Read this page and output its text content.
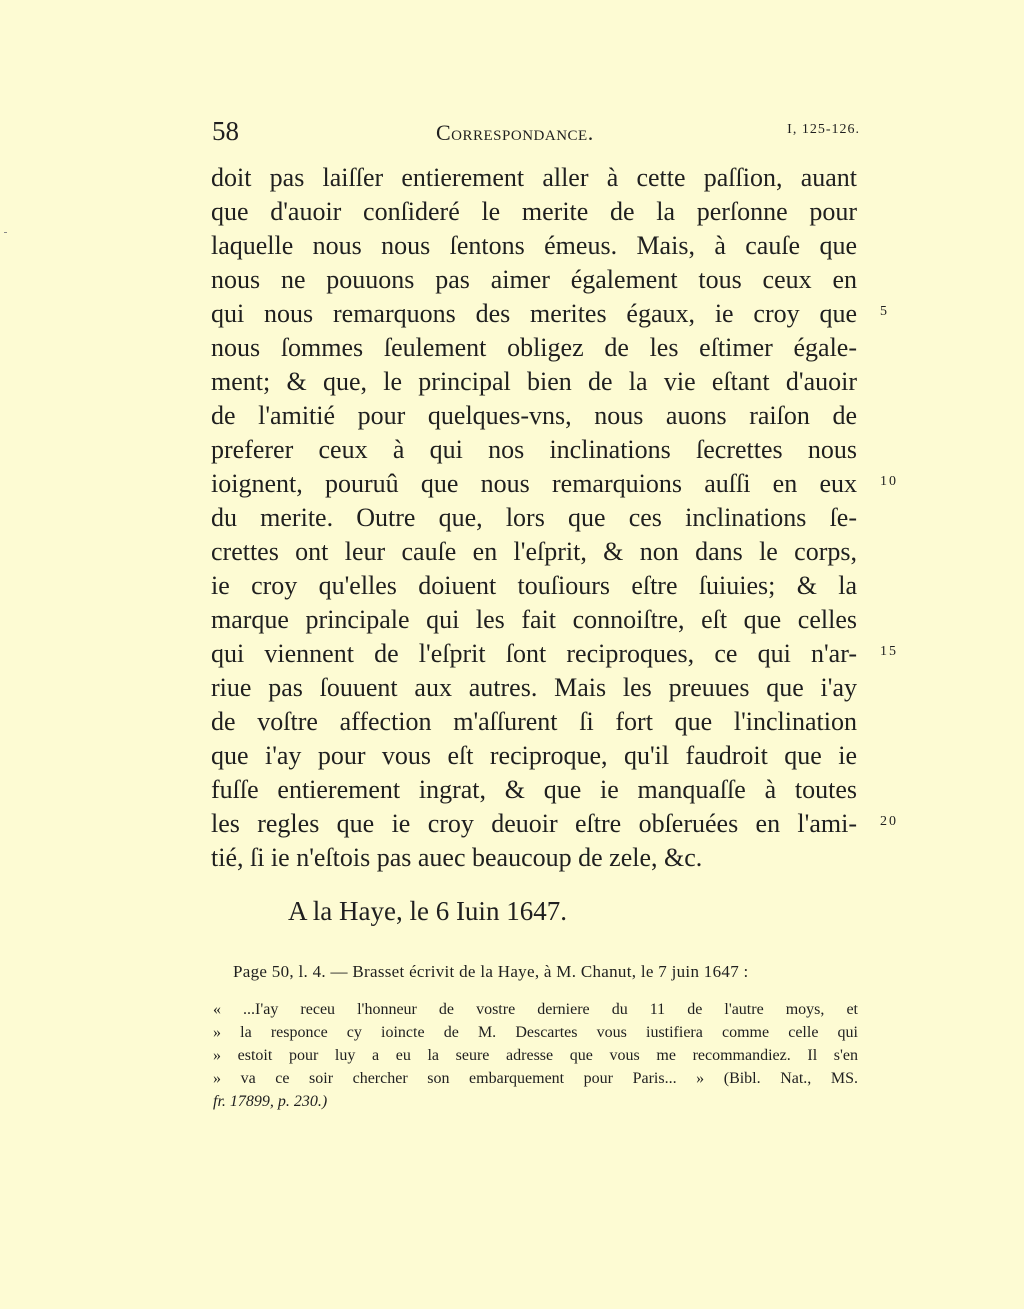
58	Correspondance.	I, 125-126.
doit pas laiſſer entierement aller à cette paſſion, auant
que d'auoir conſideré le merite de la perſonne pour
laquelle nous nous ſentons émeus. Mais, à cauſe que
nous ne pouuons pas aimer également tous ceux en
qui nous remarquons des merites égaux, ie croy que
nous ſommes ſeulement obligez de les eſtimer égale-
ment; & que, le principal bien de la vie eſtant d'auoir
de l'amitié pour quelques-vns, nous auons raiſon de
preferer ceux à qui nos inclinations ſecrettes nous
ioignent, pouruû que nous remarquions auſſi en eux
du merite. Outre que, lors que ces inclinations ſe-
crettes ont leur cauſe en l'eſprit, & non dans le corps,
ie croy qu'elles doiuent touſiours eſtre ſuiuies; & la
marque principale qui les fait connoiſtre, eſt que celles
qui viennent de l'eſprit ſont reciproques, ce qui n'ar-
riue pas ſouuent aux autres. Mais les preuues que i'ay
de voſtre affection m'aſſurent ſi fort que l'inclination
que i'ay pour vous eſt reciproque, qu'il faudroit que ie
fuſſe entierement ingrat, & que ie manquaſſe à toutes
les regles que ie croy deuoir eſtre obſeruées en l'ami-
tié, ſi ie n'eſtois pas auec beaucoup de zele, &c.
5
10
15
20
A la Haye, le 6 Iuin 1647.
Page 50, l. 4. — Brasset écrivit de la Haye, à M. Chanut, le 7 juin 1647 :
« ...I'ay receu l'honneur de vostre derniere du 11 de l'autre moys, et
» la responce cy ioincte de M. Descartes vous iustifiera comme celle qui
» estoit pour luy a eu la seure adresse que vous me recommandiez. Il s'en
» va ce soir chercher son embarquement pour Paris... » (Bibl. Nat., MS.
fr. 17899, p. 230.)
